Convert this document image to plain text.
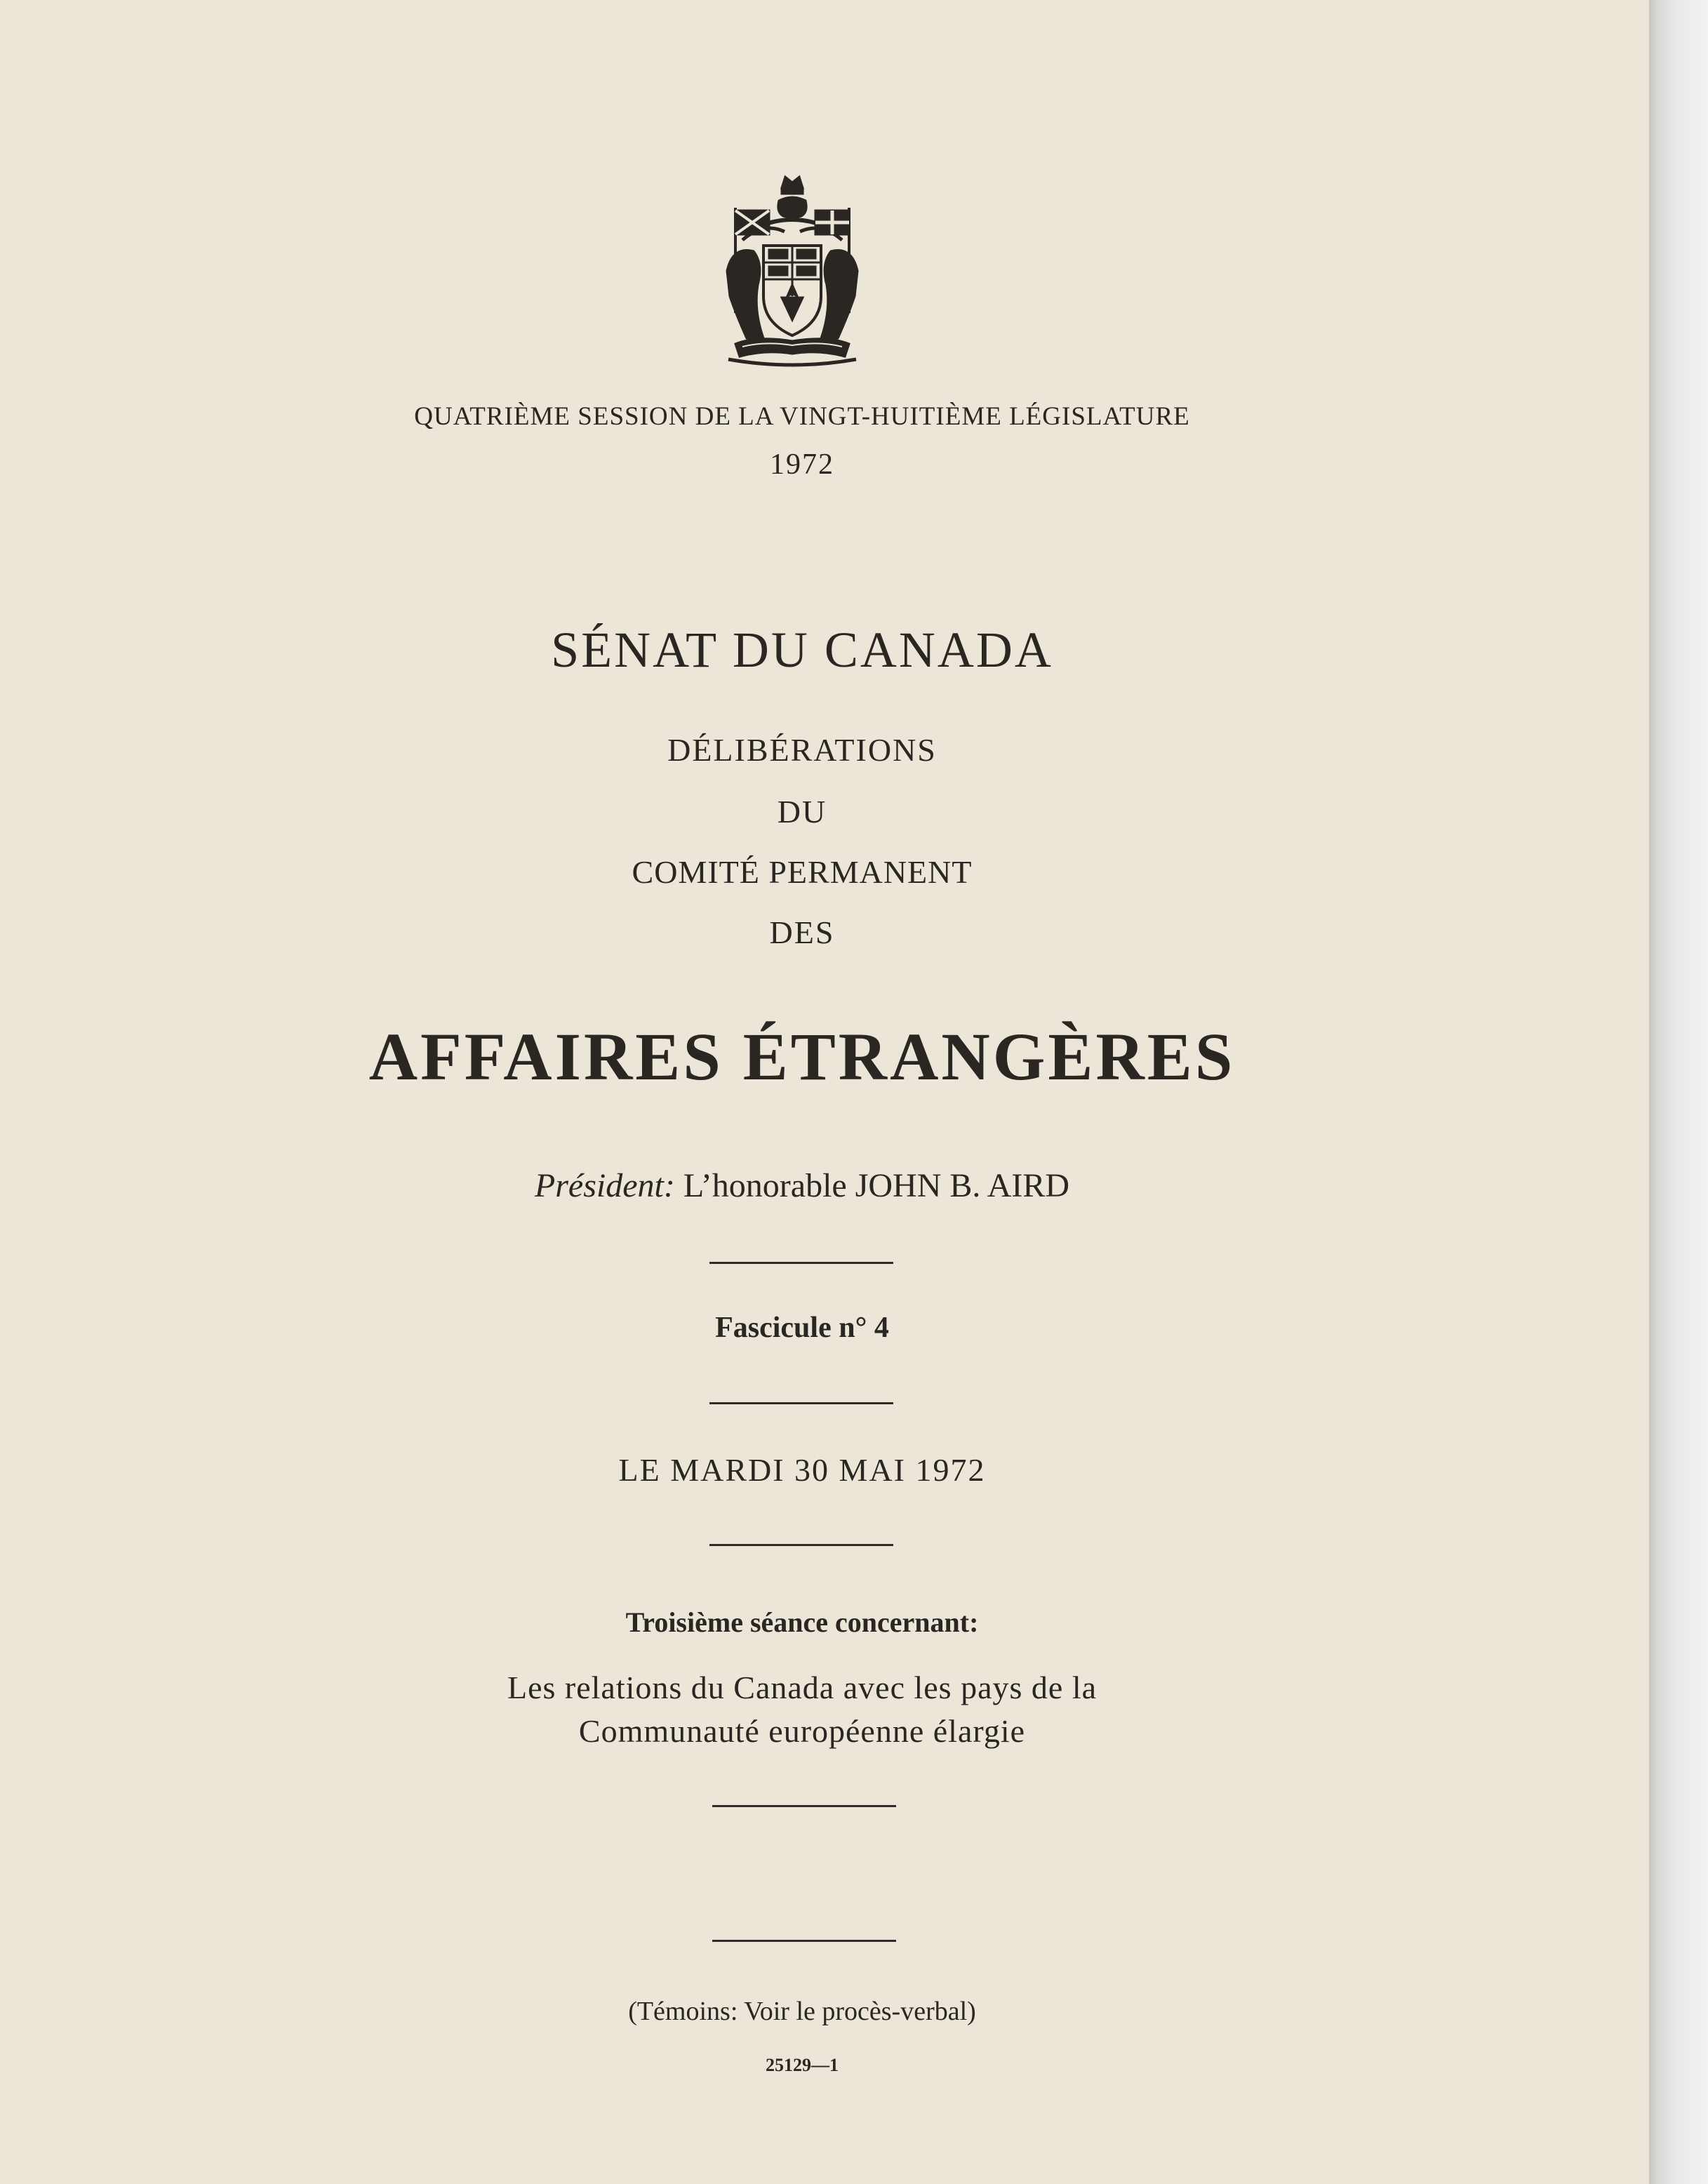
QUATRIÈME SESSION DE LA VINGT-HUITIÈME LÉGISLATURE
1972
SÉNAT DU CANADA
DÉLIBÉRATIONS
DU
COMITÉ PERMANENT
DES
AFFAIRES ÉTRANGÈRES
Président: L’honorable JOHN B. AIRD
Fascicule n° 4
LE MARDI 30 MAI 1972
Troisième séance concernant:
Les relations du Canada avec les pays de la
Communauté européenne élargie
(Témoins: Voir le procès-verbal)
25129—1
